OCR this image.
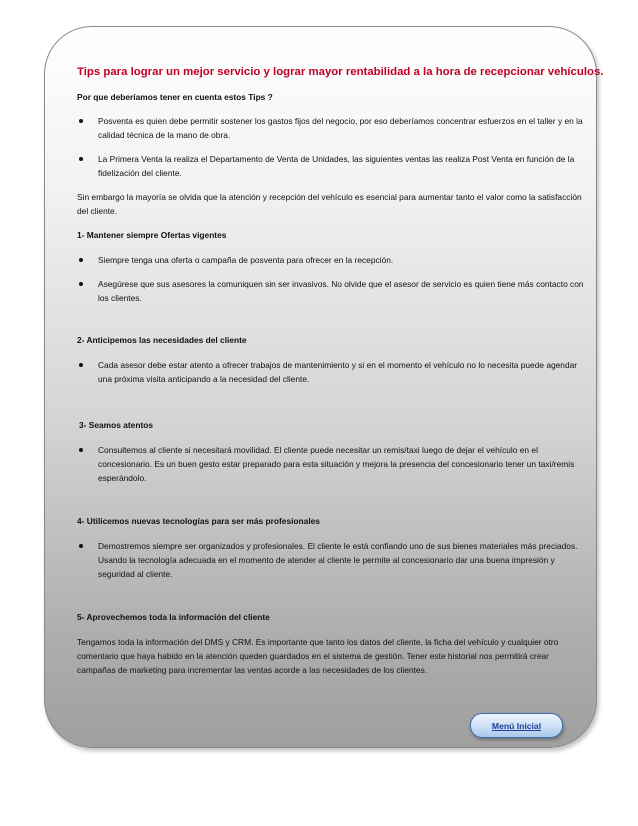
Tips para lograr un mejor servicio y lograr mayor rentabilidad a la hora de recepcionar vehículos.

Por que deberíamos tener en cuenta estos Tips ?

Posventa es quien debe permitir sostener los gastos fijos del negocio, por eso deberíamos concentrar esfuerzos en el taller y en la calidad técnica de la mano de obra.
La Primera Venta la realiza el Departamento de Venta de Unidades, las siguientes ventas las realiza Post Venta en función de la fidelización del cliente.

Sin embargo la mayoría se olvida que la atención y recepción del vehículo es esencial para aumentar tanto el valor como la satisfacción del cliente.

1- Mantener siempre Ofertas vigentes

Siempre tenga una oferta o campaña de posventa para ofrecer en la recepción.
Asegúrese que sus asesores la comuniquen sin ser invasivos. No olvide que el asesor de servicio es quien tiene más contacto con los clientes.

2- Anticipemos las necesidades del cliente

Cada asesor debe estar atento a ofrecer trabajos de mantenimiento y si en el momento el vehículo no lo necesita puede agendar una próxima visita anticipando a la necesidad del cliente.

3- Seamos atentos

Consultemos al cliente si necesitará movilidad. El cliente puede necesitar un remis/taxi luego de dejar el vehículo en el concesionario. Es un buen gesto estar preparado para esta situación y mejora la presencia del concesionario tener un taxi/remis esperándolo.

4- Utilicemos nuevas tecnologías para ser más profesionales

Demostremos siempre ser organizados y profesionales. El cliente le está confiando uno de sus bienes materiales más preciados. Usando la tecnología adecuada en el momento de atender al cliente le permite al concesionario dar una buena impresión y seguridad al cliente.

5- Aprovechemos toda la información del cliente

Tengamos toda la información del DMS y CRM. Es importante que tanto los datos del cliente, la ficha del vehículo y cualquier otro comentario que haya habido en la atención queden guardados en el sistema de gestión. Tener este historial nos permitirá crear campañas de marketing para incrementar las ventas acorde a las necesidades de los clientes.

Menú Inicial
